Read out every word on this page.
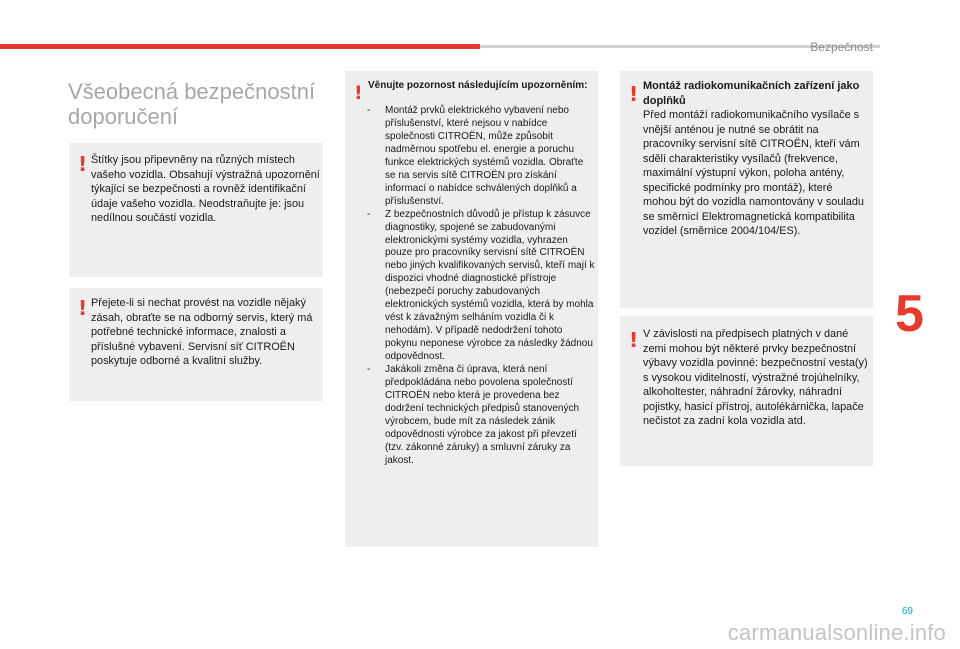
Bezpečnost
Všeobecná bezpečnostní doporučení
! Štítky jsou připevněny na různých místech vašeho vozidla. Obsahují výstražná upozornění týkající se bezpečnosti a rovněž identifikační údaje vašeho vozidla. Neodstraňujte je: jsou nedílnou součástí vozidla.
! Přejete-li si nechat provést na vozidle nějaký zásah, obraťte se na odborný servis, který má potřebné technické informace, znalosti a příslušné vybavení. Servisní síť CITROËN poskytuje odborné a kvalitní služby.
! Věnujte pozornost následujícím upozorněním:
- Montáž prvků elektrického vybavení nebo příslušenství, které nejsou v nabídce společnosti CITROËN, může způsobit nadměrnou spotřebu el. energie a poruchu funkce elektrických systémů vozidla. Obraťte se na servis sítě CITROËN pro získání informací o nabídce schválených doplňků a příslušenství.
- Z bezpečnostních důvodů je přístup k zásuvce diagnostiky, spojené se zabudovanými elektronickými systémy vozidla, vyhrazen pouze pro pracovníky servisní sítě CITROËN nebo jiných kvalifikovaných servisů, kteří mají k dispozici vhodné diagnostické přístroje (nebezpečí poruchy zabudovaných elektronických systémů vozidla, která by mohla vést k závažným selháním vozidla či k nehodám). V případě nedodržení tohoto pokynu neponese výrobce za následky žádnou odpovědnost.
- Jakákoli změna či úprava, která není předpokládána nebo povolena společností CITROËN nebo která je provedena bez dodržení technických předpisů stanovených výrobcem, bude mít za následek zánik odpovědnosti výrobce za jakost při převzetí (tzv. zákonné záruky) a smluvní záruky za jakost.
! Montáž radiokomunikačních zařízení jako doplňků
Před montáží radiokomunikačního vysílače s vnější anténou je nutné se obrátit na pracovníky servisní sítě CITROËN, kteří vám sdělí charakteristiky vysílačů (frekvence, maximální výstupní výkon, poloha antény, specifické podmínky pro montáž), které mohou být do vozidla namontovány v souladu se směrnicí Elektromagnetická kompatibilita vozidel (směrnice 2004/104/ES).
! V závislosti na předpisech platných v dané zemi mohou být některé prvky bezpečnostní výbavy vozidla povinné: bezpečnostní vesta(y) s vysokou viditelností, výstražné trojúhelníky, alkoholtester, náhradní žárovky, náhradní pojistky, hasicí přístroj, autolékárnička, lapače nečistot za zadní kola vozidla atd.
5
69
carmanualsonline.info
